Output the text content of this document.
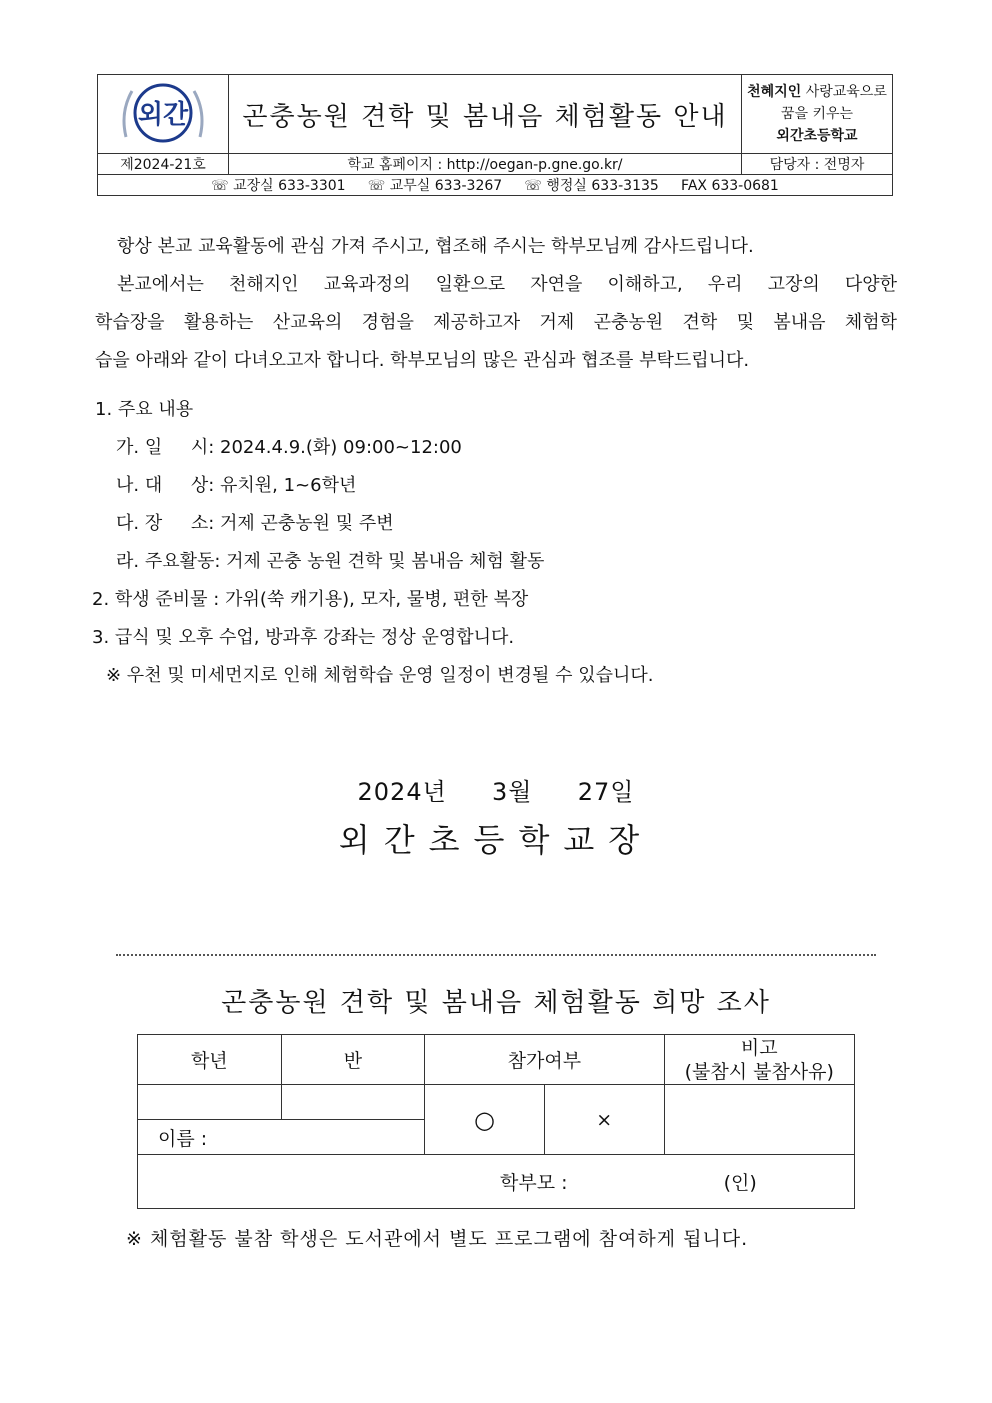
외간	곤충농원 견학 및 봄내음 체험활동 안내	천혜지인 사랑교육으로
꿈을 키우는
외간초등학교

제2024-21호	학교 홈페이지 : http://oegan-p.gne.go.kr/	담당자 : 전명자
☏ 교장실 633-3301     ☏ 교무실 633-3267     ☏ 행정실 633-3135     FAX 633-0681		
항상 본교 교육활동에 관심 가져 주시고, 협조해 주시는 학부모님께 감사드립니다.
본교에서는 천해지인 교육과정의 일환으로 자연을 이해하고, 우리 고장의 다양한
학습장을 활용하는 산교육의 경험을 제공하고자 거제 곤충농원 견학 및 봄내음 체험학
습을 아래와 같이 다녀오고자 합니다. 학부모님의 많은 관심과 협조를 부탁드립니다.
1. 주요 내용
가. 일     시: 2024.4.9.(화) 09:00~12:00
나. 대     상: 유치원, 1~6학년
다. 장     소: 거제 곤충농원 및 주변
라. 주요활동: 거제 곤충 농원 견학 및 봄내음 체험 활동
2. 학생 준비물 : 가위(쑥 캐기용), 모자, 물병, 편한 복장
3. 급식 및 오후 수업, 방과후 강좌는 정상 운영합니다.
※ 우천 및 미세먼지로 인해 체험학습 운영 일정이 변경될 수 있습니다.
2024년  3월  27일
외간초등학교장
곤충농원 견학 및 봄내음 체험활동 희망 조사
학년	반	참가여부		비고
(불참시 불참사유)

		○	×	
이름 :				
학부모 : (인)				
※ 체험활동 불참 학생은 도서관에서 별도 프로그램에 참여하게 됩니다.
